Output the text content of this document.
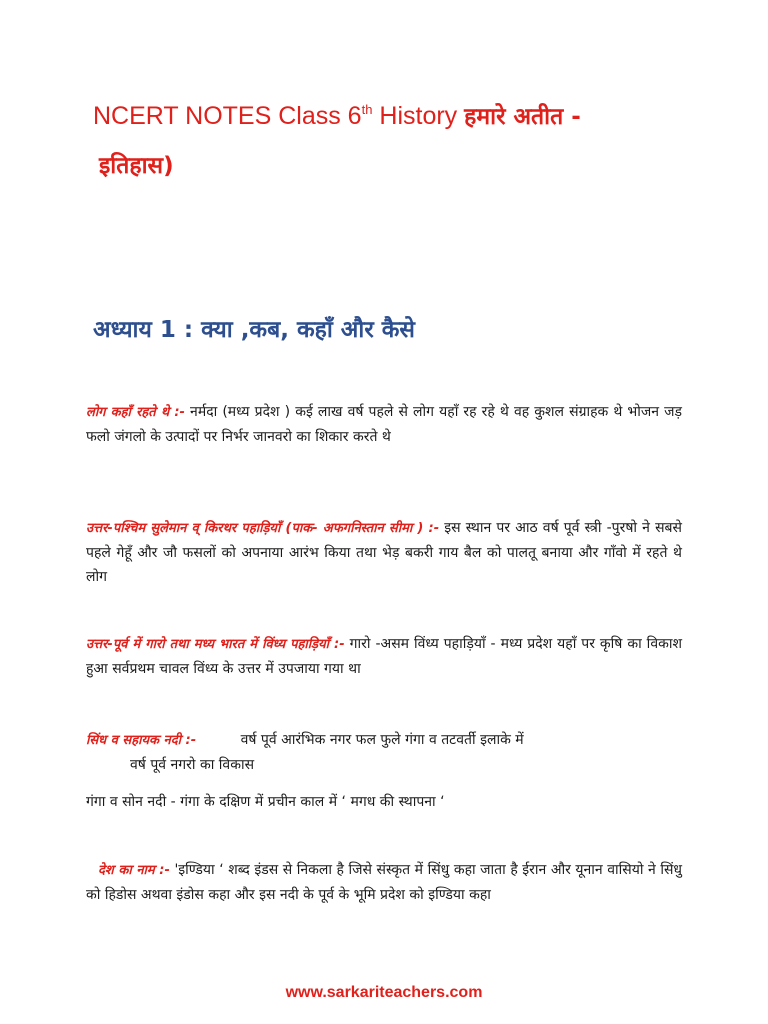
NCERT NOTES Class 6th History हमारे अतीत -
इतिहास)
अध्याय 1 : क्या ,कब, कहाँ और कैसे
लोग कहाँ रहते थे :- नर्मदा (मध्य प्रदेश ) कई लाख वर्ष पहले से लोग यहाँ रह रहे थे वह कुशल संग्राहक थे भोजन जड़ फलो जंगलो के उत्पादों पर निर्भर जानवरो का शिकार करते थे
उत्तर-पश्चिम सुलेमान व् किरथर पहाड़ियाँ (पाक- अफगनिस्तान सीमा ) :- इस स्थान पर आठ वर्ष पूर्व स्त्री -पुरषो ने सबसे पहले गेहूँ और जौ फसलों को अपनाया आरंभ किया तथा भेड़ बकरी गाय बैल को पालतू बनाया और गाँवो में रहते थे लोग
उत्तर-पूर्व में गारो तथा मध्य भारत में विंध्य पहाड़ियाँ :- गारो -असम विंध्य पहाड़ियाँ - मध्य प्रदेश यहाँ पर कृषि का विकाश हुआ सर्वप्रथम चावल विंध्य के उत्तर में उपजाया गया था
सिंध व सहायक नदी :-	वर्ष पूर्व आरंभिक नगर फल फुले गंगा व तटवर्ती इलाके में
वर्ष पूर्व नगरो का विकास
गंगा व सोन नदी - गंगा के दक्षिण में प्रचीन काल में ‘ मगध की स्थापना ‘
देश का नाम :- 'इण्डिया ‘ शब्द इंडस से निकला है जिसे संस्कृत में सिंधु कहा जाता है ईरान और यूनान वासियो ने सिंधु को हिडोस अथवा इंडोस कहा और इस नदी के पूर्व के भूमि प्रदेश को इण्डिया कहा
www.sarkariteachers.com
